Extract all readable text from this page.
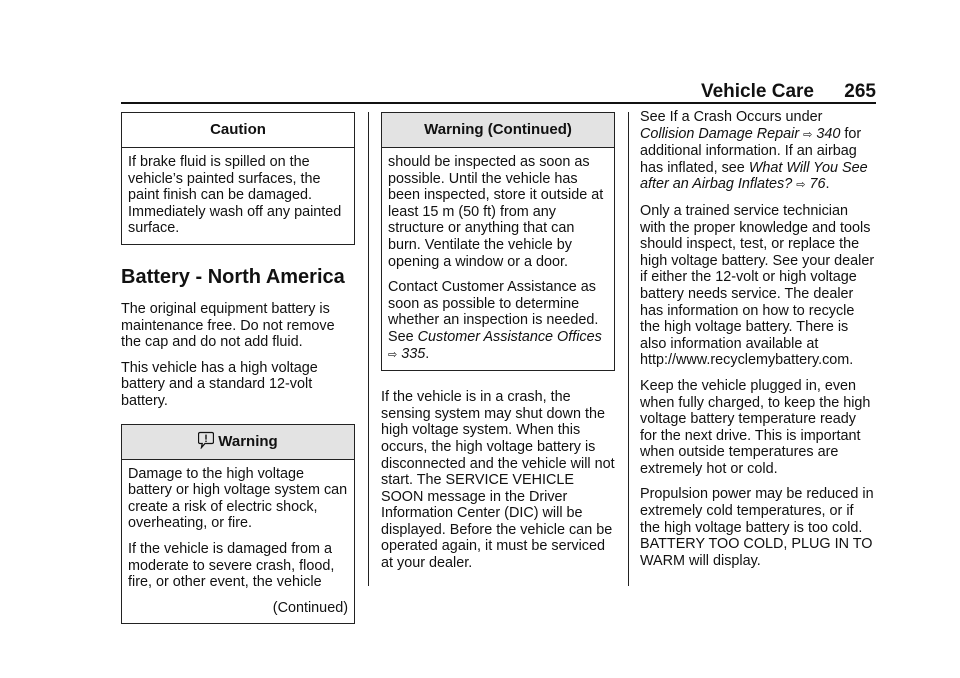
Vehicle Care 265
Caution

If brake fluid is spilled on the vehicle’s painted surfaces, the paint finish can be damaged. Immediately wash off any painted surface.

Battery - North America

The original equipment battery is maintenance free. Do not remove the cap and do not add fluid.

This vehicle has a high voltage battery and a standard 12-volt battery.

Warning

Damage to the high voltage battery or high voltage system can create a risk of electric shock, overheating, or fire.

If the vehicle is damaged from a moderate to severe crash, flood, fire, or other event, the vehicle

(Continued)
Warning (Continued)

should be inspected as soon as possible. Until the vehicle has been inspected, store it outside at least 15 m (50 ft) from any structure or anything that can burn. Ventilate the vehicle by opening a window or a door.

Contact Customer Assistance as soon as possible to determine whether an inspection is needed. See Customer Assistance Offices
⇨ 335.

If the vehicle is in a crash, the sensing system may shut down the high voltage system. When this occurs, the high voltage battery is disconnected and the vehicle will not start. The SERVICE VEHICLE SOON message in the Driver Information Center (DIC) will be displayed. Before the vehicle can be operated again, it must be serviced at your dealer.

See If a Crash Occurs under Collision Damage Repair ⇨ 340 for additional information. If an airbag has inflated, see What Will You See after an Airbag Inflates? ⇨ 76.

Only a trained service technician with the proper knowledge and tools should inspect, test, or replace the high voltage battery. See your dealer if either the 12-volt or high voltage battery needs service. The dealer has information on how to recycle the high voltage battery. There is also information available at http://www.recyclemybattery.com.

Keep the vehicle plugged in, even when fully charged, to keep the high voltage battery temperature ready for the next drive. This is important when outside temperatures are extremely hot or cold.

Propulsion power may be reduced in extremely cold temperatures, or if the high voltage battery is too cold. BATTERY TOO COLD, PLUG IN TO WARM will display.
